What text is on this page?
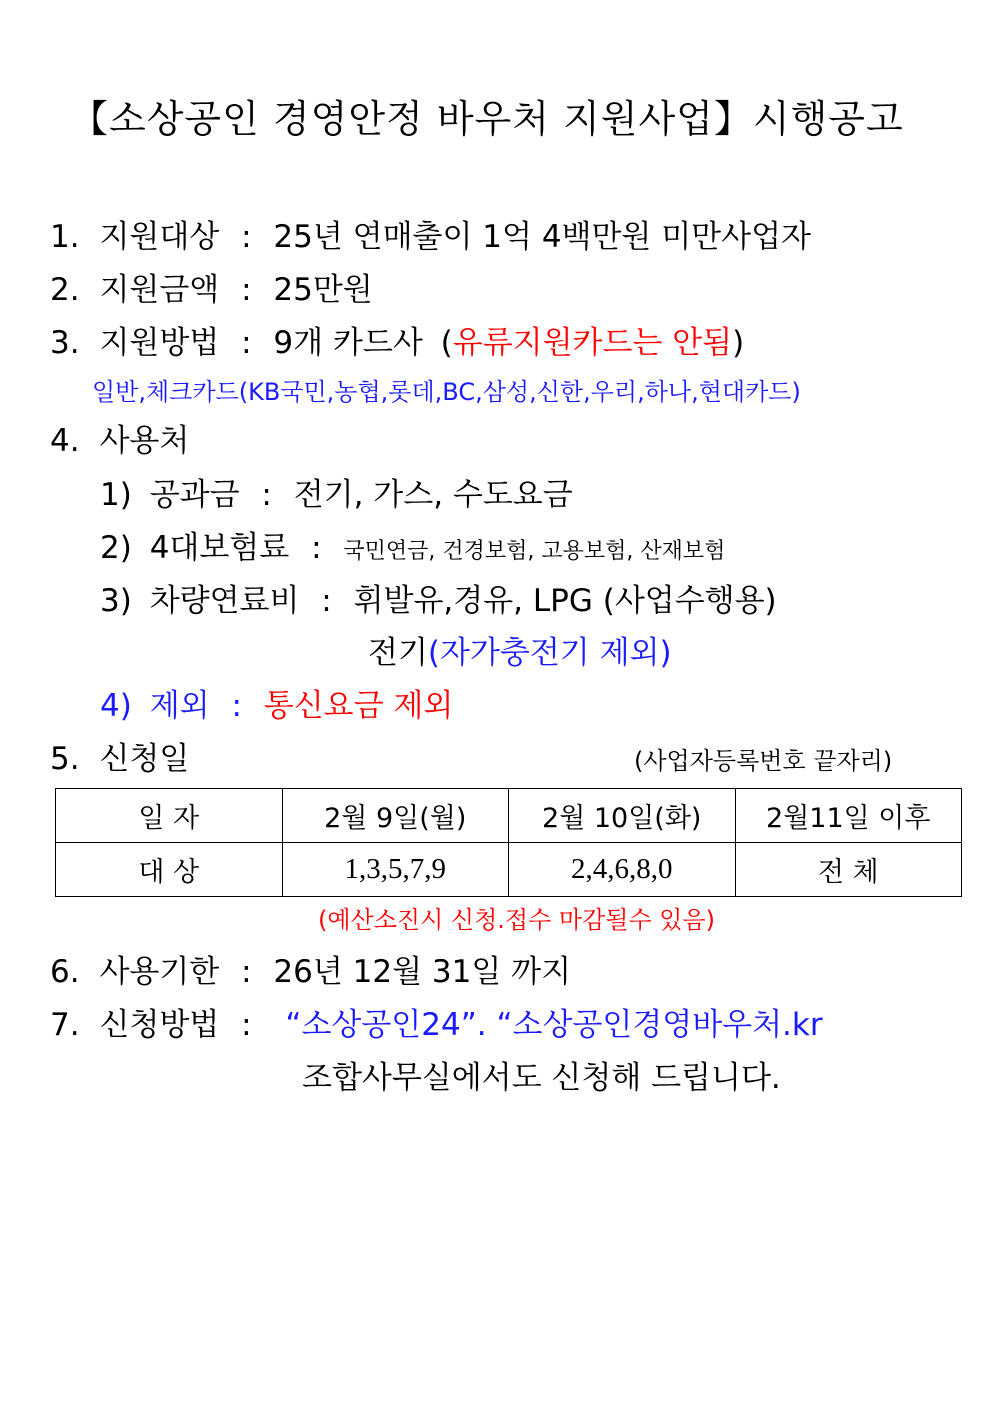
【소상공인 경영안정 바우처 지원사업】시행공고
1. 지원대상 : 25년 연매출이 1억 4백만원 미만사업자
2. 지원금액 : 25만원
3. 지원방법 : 9개 카드사 (유류지원카드는 안됨)
일반,체크카드(KB국민,농협,롯데,BC,삼성,신한,우리,하나,현대카드)
4. 사용처
1) 공과금 : 전기, 가스, 수도요금
2) 4대보험료 : 국민연금, 건경보험, 고용보험, 산재보험
3) 차량연료비 : 휘발유,경유, LPG (사업수행용)
전기(자가충전기 제외)
4) 제외 : 통신요금 제외
5. 신청일	(사업자등록번호 끝자리)
일 자	2월 9일(월)	2월 10일(화)	2월11일 이후
대 상	1,3,5,7,9	2,4,6,8,0	전 체
(예산소진시 신청.접수 마감될수 있음)
6. 사용기한 : 26년 12월 31일 까지
7. 신청방법 : “소상공인24”. “소상공인경영바우처.kr
조합사무실에서도 신청해 드립니다.
